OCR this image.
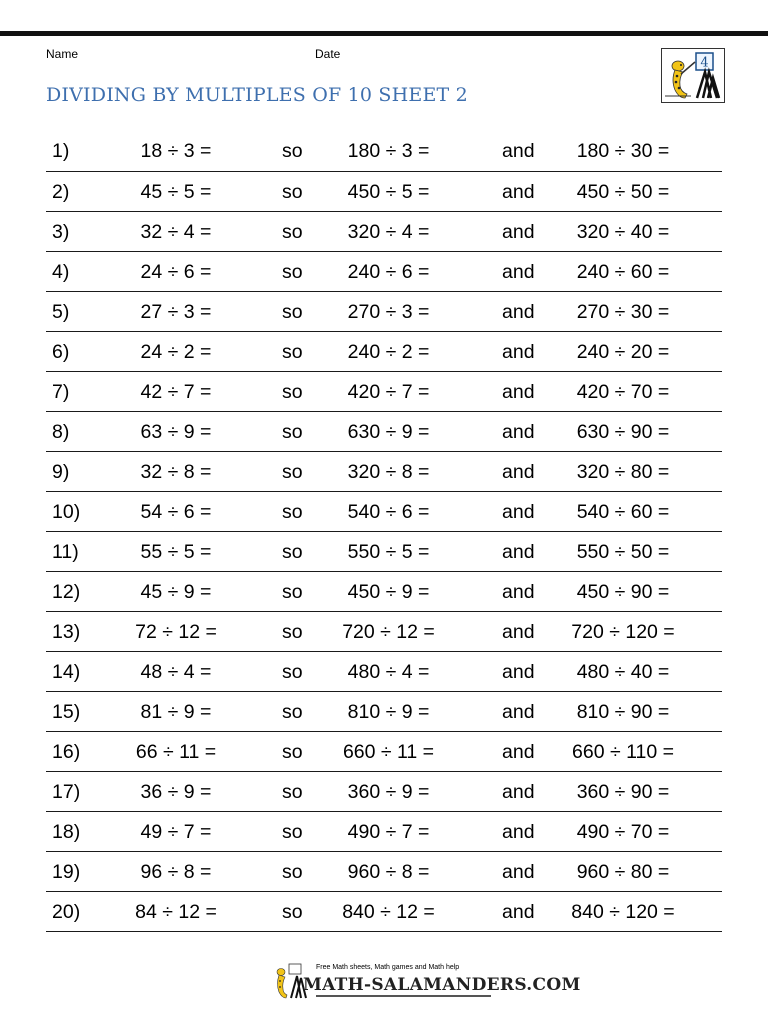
Name	Date
DIVIDING BY MULTIPLES OF 10 SHEET 2
4
1)	18 ÷ 3 =	so	180 ÷ 3 =	and	180 ÷ 30 =
2)	45 ÷ 5 =	so	450 ÷ 5 =	and	450 ÷ 50 =
3)	32 ÷ 4 =	so	320 ÷ 4 =	and	320 ÷ 40 =
4)	24 ÷ 6 =	so	240 ÷ 6 =	and	240 ÷ 60 =
5)	27 ÷ 3 =	so	270 ÷ 3 =	and	270 ÷ 30 =
6)	24 ÷ 2 =	so	240 ÷ 2 =	and	240 ÷ 20 =
7)	42 ÷ 7 =	so	420 ÷ 7 =	and	420 ÷ 70 =
8)	63 ÷ 9 =	so	630 ÷ 9 =	and	630 ÷ 90 =
9)	32 ÷ 8 =	so	320 ÷ 8 =	and	320 ÷ 80 =
10)	54 ÷ 6 =	so	540 ÷ 6 =	and	540 ÷ 60 =
11)	55 ÷ 5 =	so	550 ÷ 5 =	and	550 ÷ 50 =
12)	45 ÷ 9 =	so	450 ÷ 9 =	and	450 ÷ 90 =
13)	72 ÷ 12 =	so	720 ÷ 12 =	and	720 ÷ 120 =
14)	48 ÷ 4 =	so	480 ÷ 4 =	and	480 ÷ 40 =
15)	81 ÷ 9 =	so	810 ÷ 9 =	and	810 ÷ 90 =
16)	66 ÷ 11 =	so	660 ÷ 11 =	and	660 ÷ 110 =
17)	36 ÷ 9 =	so	360 ÷ 9 =	and	360 ÷ 90 =
18)	49 ÷ 7 =	so	490 ÷ 7 =	and	490 ÷ 70 =
19)	96 ÷ 8 =	so	960 ÷ 8 =	and	960 ÷ 80 =
20)	84 ÷ 12 =	so	840 ÷ 12 =	and	840 ÷ 120 =
Free Math sheets, Math games and Math help
MATH-SALAMANDERS.COM
